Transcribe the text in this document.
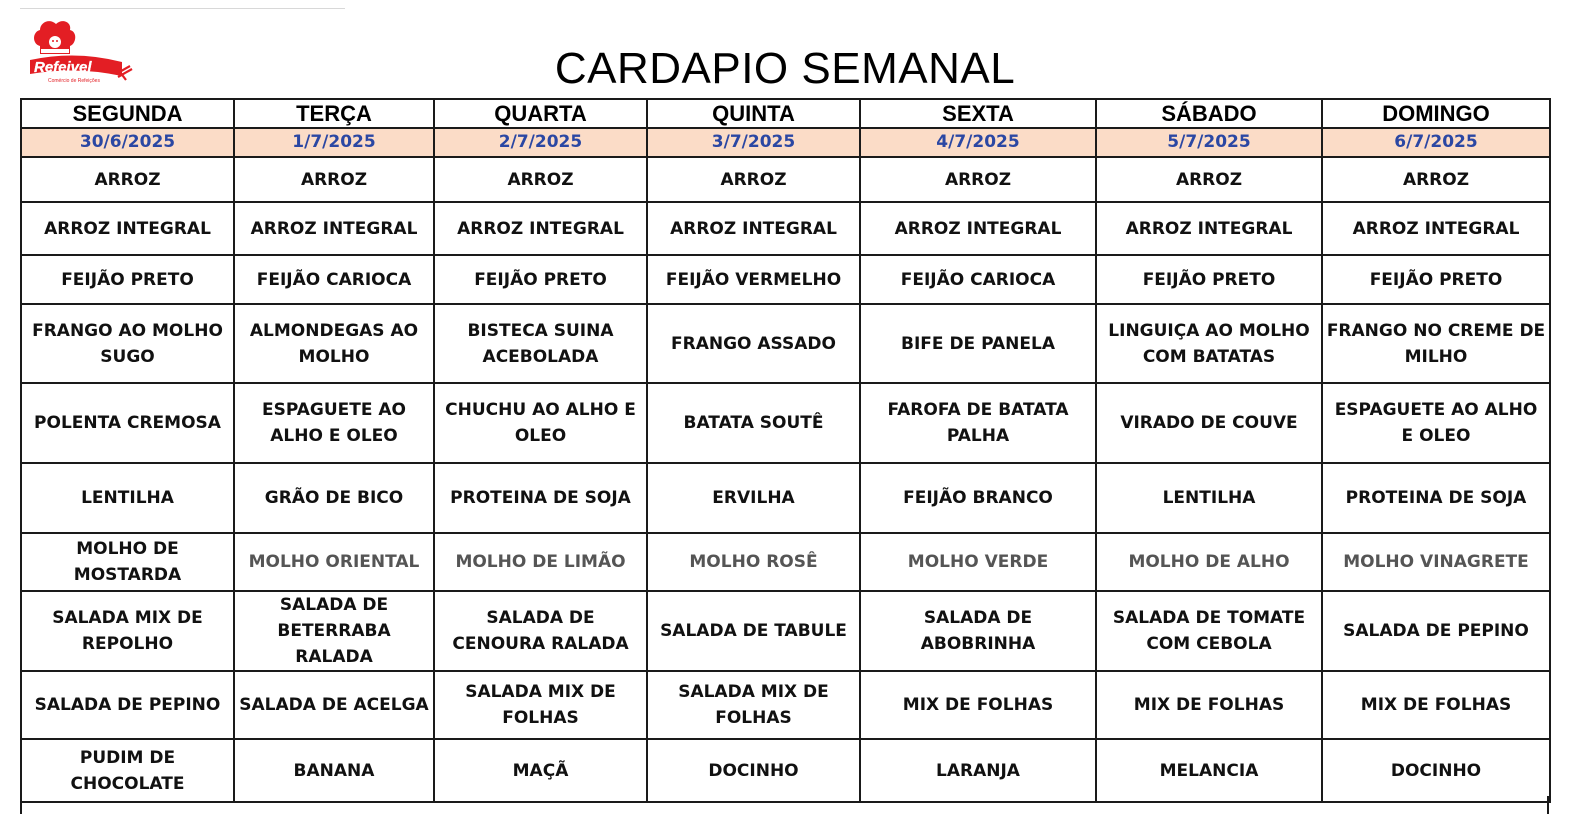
Refeivel
Comércio de Refeições	CARDAPIO SEMANAL
SEGUNDA	TERÇA	QUARTA	QUINTA	SEXTA	SÁBADO	DOMINGO
30/6/2025	1/7/2025	2/7/2025	3/7/2025	4/7/2025	5/7/2025	6/7/2025
ARROZ	ARROZ	ARROZ	ARROZ	ARROZ	ARROZ	ARROZ
ARROZ INTEGRAL	ARROZ INTEGRAL	ARROZ INTEGRAL	ARROZ INTEGRAL	ARROZ INTEGRAL	ARROZ INTEGRAL	ARROZ INTEGRAL
FEIJÃO PRETO	FEIJÃO CARIOCA	FEIJÃO PRETO	FEIJÃO VERMELHO	FEIJÃO CARIOCA	FEIJÃO PRETO	FEIJÃO PRETO
FRANGO AO MOLHO SUGO	ALMONDEGAS AO MOLHO	BISTECA SUINA ACEBOLADA	FRANGO ASSADO	BIFE DE PANELA	LINGUIÇA AO MOLHO COM BATATAS	FRANGO NO CREME DE MILHO
POLENTA CREMOSA	ESPAGUETE AO ALHO E OLEO	CHUCHU AO ALHO E OLEO	BATATA SOUTÊ	FAROFA DE BATATA PALHA	VIRADO DE COUVE	ESPAGUETE AO ALHO E OLEO
LENTILHA	GRÃO DE BICO	PROTEINA DE SOJA	ERVILHA	FEIJÃO BRANCO	LENTILHA	PROTEINA DE SOJA
MOLHO DE MOSTARDA	MOLHO ORIENTAL	MOLHO DE LIMÃO	MOLHO ROSÊ	MOLHO VERDE	MOLHO DE ALHO	MOLHO VINAGRETE
SALADA MIX DE REPOLHO	SALADA DE BETERRABA RALADA	SALADA DE CENOURA RALADA	SALADA DE TABULE	SALADA DE ABOBRINHA	SALADA DE TOMATE COM CEBOLA	SALADA DE PEPINO
SALADA DE PEPINO	SALADA DE ACELGA	SALADA MIX DE FOLHAS	SALADA MIX DE FOLHAS	MIX DE FOLHAS	MIX DE FOLHAS	MIX DE FOLHAS
PUDIM DE CHOCOLATE	BANANA	MAÇÃ	DOCINHO	LARANJA	MELANCIA	DOCINHO
